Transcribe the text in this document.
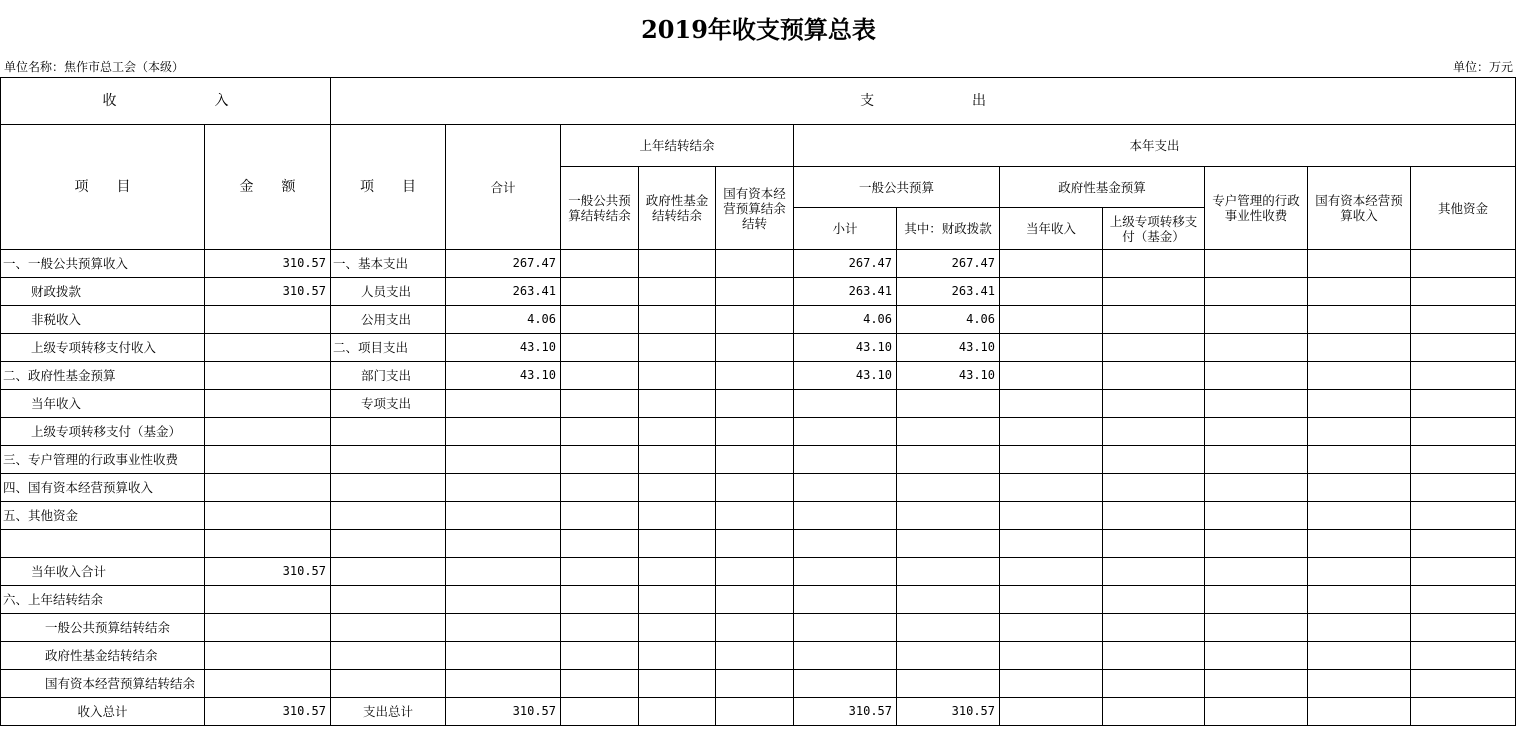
2019年收支预算总表
单位名称：焦作市总工会（本级）	单位：万元
收　　　　　　　入		支　　　　　　　出											
项　　目	金　　额	项　　目	合计	上年结转结余			本年支出						
				一般公共预算结转结余	政府性基金结转结余	国有资本经营预算结余结转	一般公共预算		政府性基金预算		专户管理的行政事业性收费	国有资本经营预算收入	其他资金
							小计	其中：财政拨款	当年收入	上级专项转移支付（基金）			
一、一般公共预算收入	310.57	一、基本支出	267.47				267.47	267.47					
财政拨款	310.57	人员支出	263.41				263.41	263.41					
非税收入		公用支出	4.06				4.06	4.06					
上级专项转移支付收入		二、项目支出	43.10				43.10	43.10					
二、政府性基金预算		部门支出	43.10				43.10	43.10					
当年收入		专项支出											
上级专项转移支付（基金）													
三、专户管理的行政事业性收费													
四、国有资本经营预算收入													
五、其他资金													

当年收入合计	310.57												
六、上年结转结余													
一般公共预算结转结余													
政府性基金结转结余													
国有资本经营预算结转结余													
收入总计	310.57	支出总计	310.57				310.57	310.57					
